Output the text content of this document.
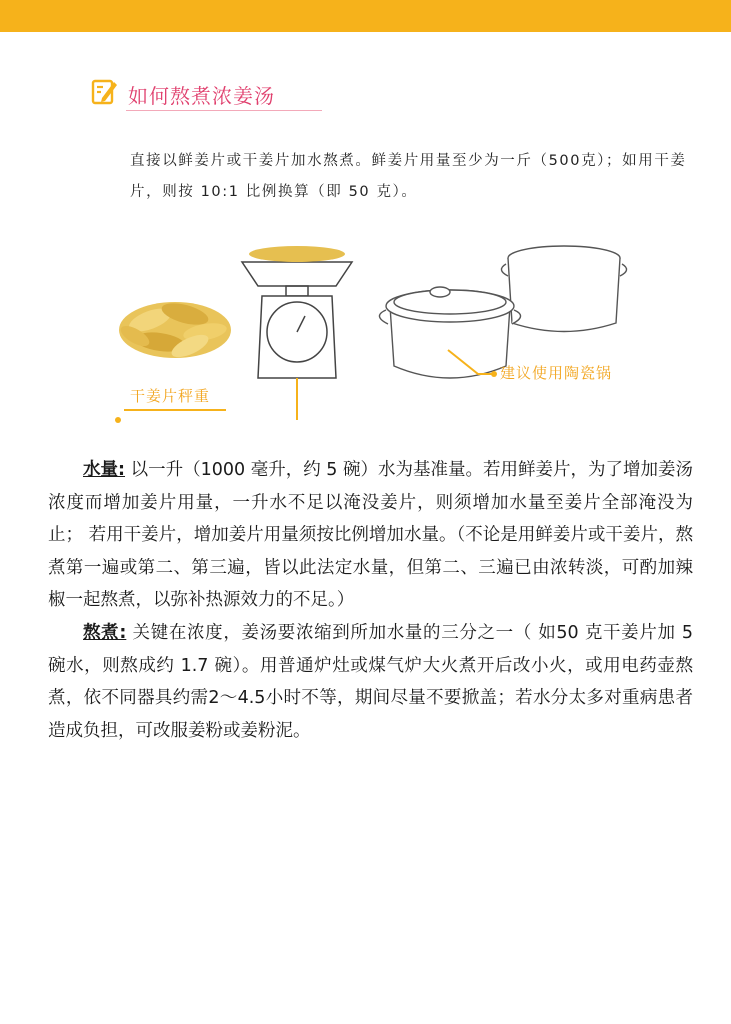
如何熬煮浓姜汤
直接以鲜姜片或干姜片加水熬煮。鲜姜片用量至少为一斤（500克）；如用干姜片，则按 10:1 比例换算（即 50 克）。
干姜片秤重
建议使用陶瓷锅

水量: 以一升（1000 毫升，约 5 碗）水为基准量。若用鲜姜片，为了增加姜汤浓度而增加姜片用量，一升水不足以淹没姜片，则须增加水量至姜片全部淹没为止； 若用干姜片，增加姜片用量须按比例增加水量。（不论是用鲜姜片或干姜片，熬煮第一遍或第二、第三遍，皆以此法定水量，但第二、三遍已由浓转淡，可酌加辣椒一起熬煮，以弥补热源效力的不足。）

熬煮: 关键在浓度，姜汤要浓缩到所加水量的三分之一（ 如50 克干姜片加 5 碗水，则熬成约 1.7 碗）。用普通炉灶或煤气炉大火煮开后改小火，或用电药壶熬煮，依不同器具约需2～4.5小时不等，期间尽量不要掀盖；若水分太多对重病患者造成负担，可改服姜粉或姜粉泥。
